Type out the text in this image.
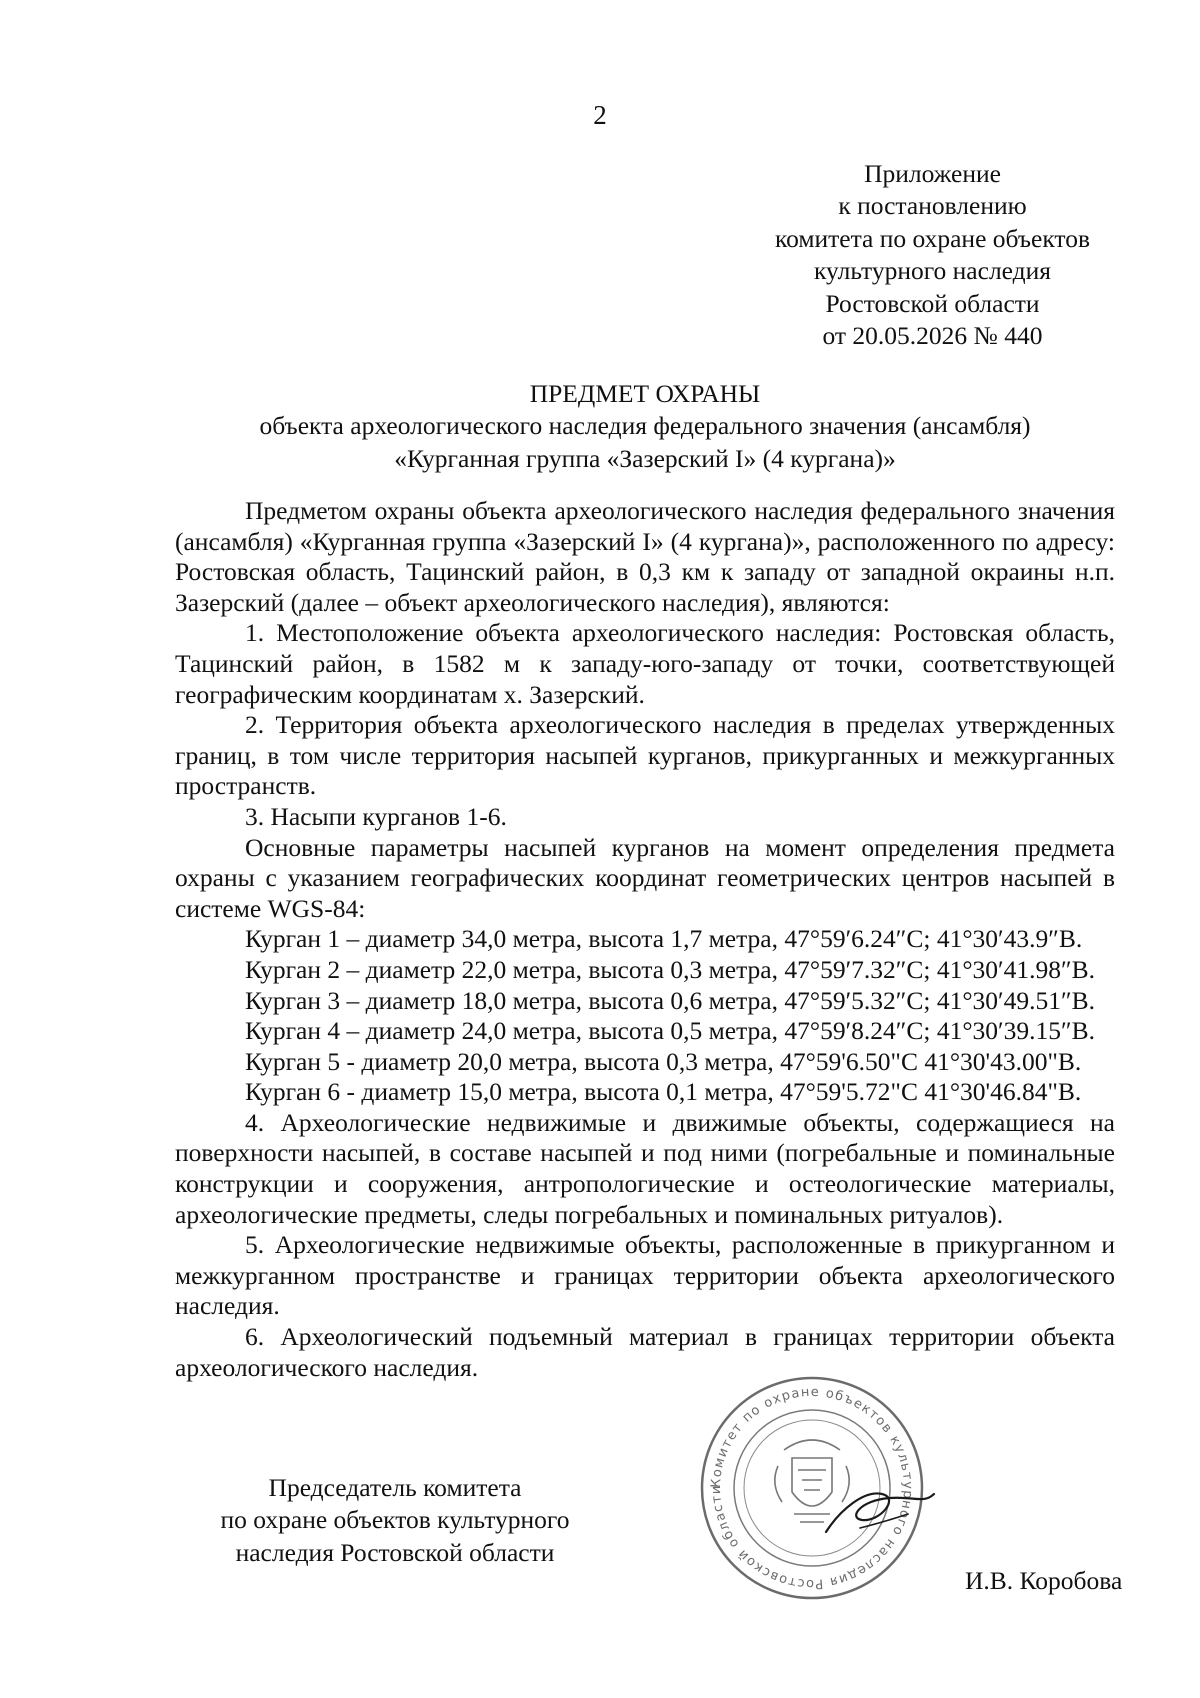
2
Приложение
к постановлению
комитета по охране объектов
культурного наследия
Ростовской области
от 20.05.2026 № 440
ПРЕДМЕТ ОХРАНЫ
объекта археологического наследия федерального значения (ансамбля)
«Курганная группа «Зазерский I» (4 кургана)»

Предметом охраны объекта археологического наследия федерального значения (ансамбля) «Курганная группа «Зазерский I» (4 кургана)», расположенного по адресу: Ростовская область, Тацинский район, в 0,3 км к западу от западной окраины н.п. Зазерский (далее – объект археологического наследия), являются:

1. Местоположение объекта археологического наследия: Ростовская область, Тацинский район, в 1582 м к западу-юго-западу от точки, соответствующей географическим координатам х. Зазерский.

2. Территория объекта археологического наследия в пределах утвержденных границ, в том числе территория насыпей курганов, прикурганных и межкурганных пространств.

3. Насыпи курганов 1-6.

Основные параметры насыпей курганов на момент определения предмета охраны с указанием географических координат геометрических центров насыпей в системе WGS-84:

Курган 1 – диаметр 34,0 метра, высота 1,7 метра, 47°59′6.24″С; 41°30′43.9″В.

Курган 2 – диаметр 22,0 метра, высота 0,3 метра, 47°59′7.32″С; 41°30′41.98″В.

Курган 3 – диаметр 18,0 метра, высота 0,6 метра, 47°59′5.32″С; 41°30′49.51″В.

Курган 4 – диаметр 24,0 метра, высота 0,5 метра, 47°59′8.24″С; 41°30′39.15″В.

Курган 5 - диаметр 20,0 метра, высота 0,3 метра, 47°59'6.50"С 41°30'43.00"В.

Курган 6 - диаметр 15,0 метра, высота 0,1 метра, 47°59'5.72"С 41°30'46.84"В.

4. Археологические недвижимые и движимые объекты, содержащиеся на поверхности насыпей, в составе насыпей и под ними (погребальные и поминальные конструкции и сооружения, антропологические и остеологические материалы, археологические предметы, следы погребальных и поминальных ритуалов).

5. Археологические недвижимые объекты, расположенные в прикурганном и межкурганном пространстве и границах территории объекта археологического наследия.

6. Археологический подъемный материал в границах территории объекта археологического наследия.

Председатель комитета
по охране объектов культурного
наследия Ростовской области
Комитет по охране объектов культурного наследия Ростовской области
И.В. Коробова
